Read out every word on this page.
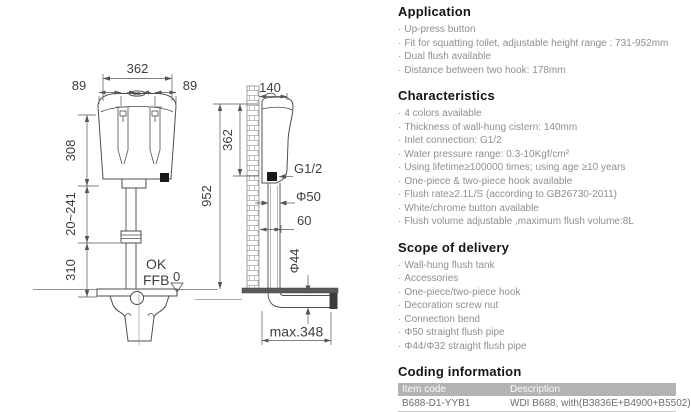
362
89	89
308
20~241
310	OK
FFB 0
140
952
362
G1/2
Φ50
60
Φ44
max.348
Application
· Up-press button
· Fit for squatting toilet, adjustable height range : 731-952mm
· Dual flush available
· Distance between two hook: 178mm
Characteristics
· 4 colors available
· Thickness of wall-hung cistern: 140mm
· Inlet connection: G1/2
· Water pressure range: 0.3-10Kgf/cm²
· Using lifetime≥100000 times; using age ≥10 years
· One-piece & two-piece hook available
· Flush rate≥2.1L/S (according to GB26730-2011)
· White/chrome button available
· Flush volume adjustable ,maximum flush volume:8L
Scope of delivery
· Wall-hung flush tank
· Accessories
· One-piece/two-piece hook
· Decoration screw nut
· Connection bend
· Φ50 straight flush pipe
· Φ44/Φ32 straight flush pipe
Coding information
Item code	Description
B688-D1-YYB1	WDI B688, with(B3836E+B4900+B5502)
